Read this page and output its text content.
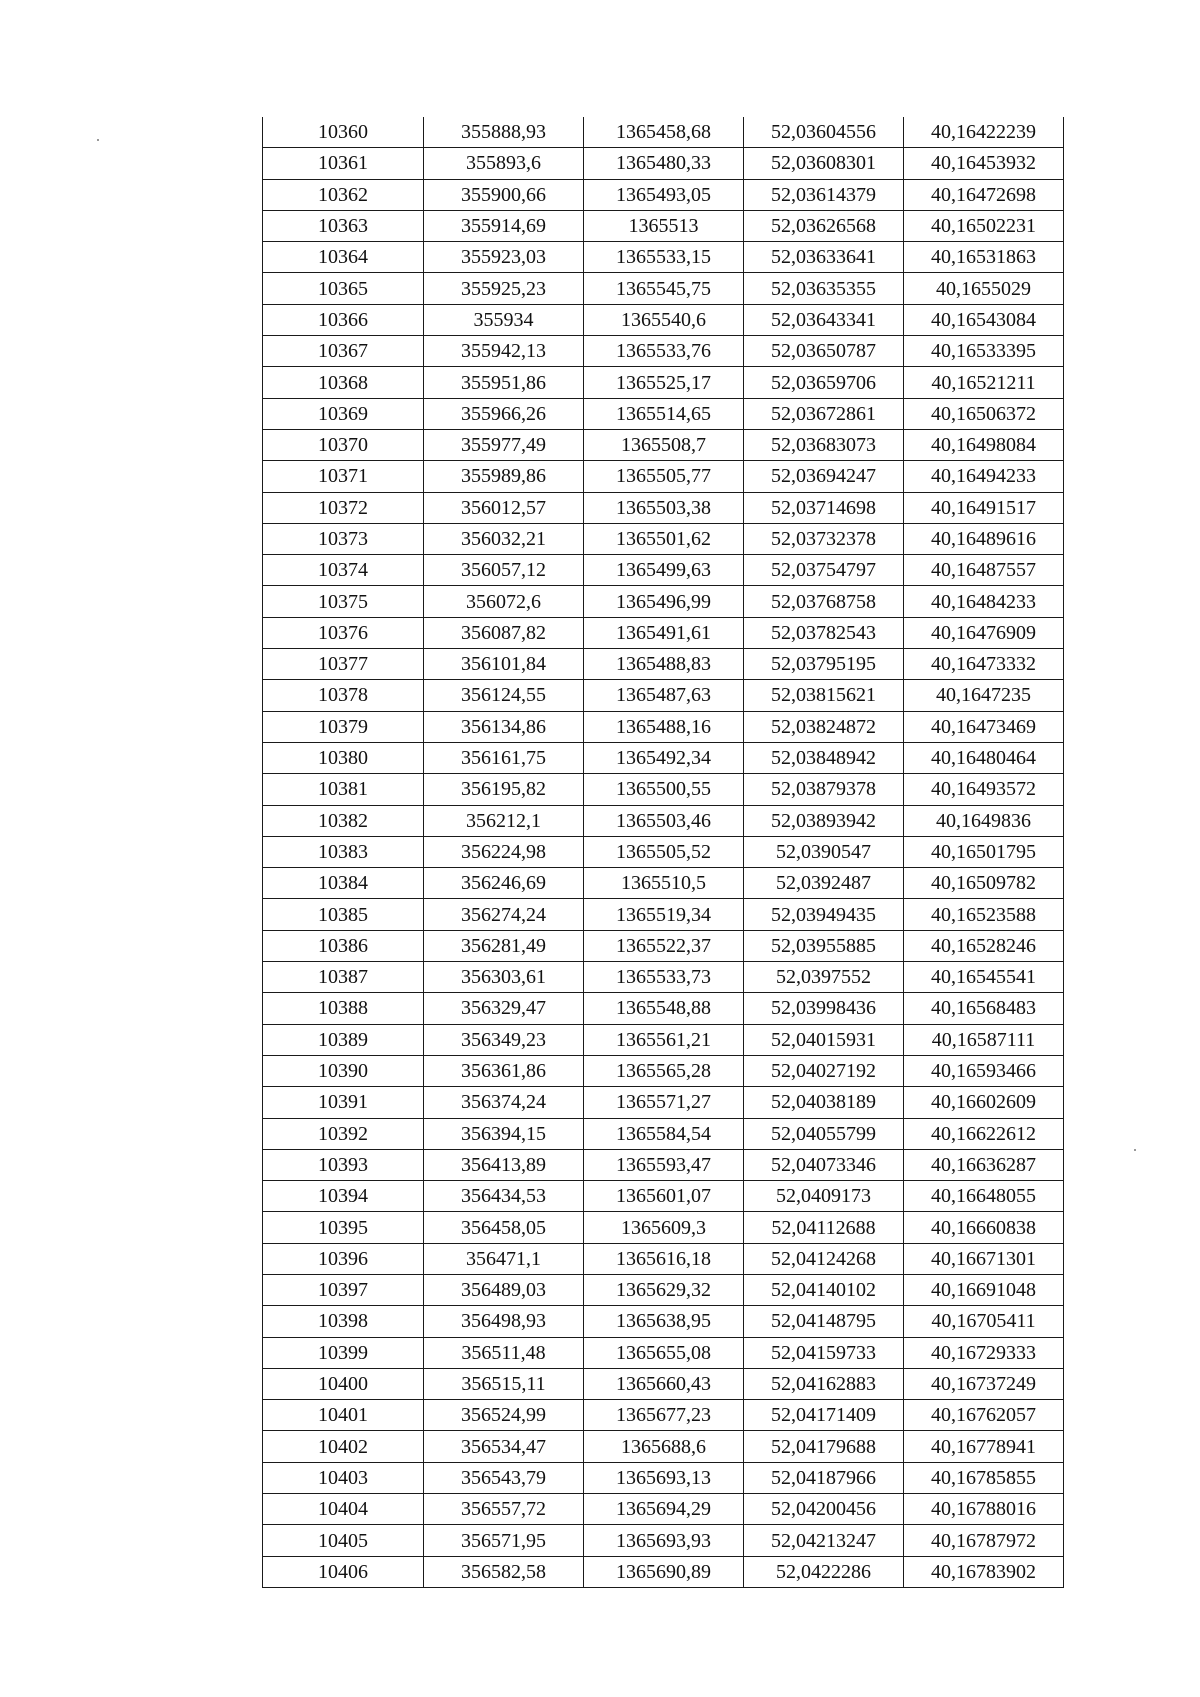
10360	355888,93	1365458,68	52,03604556	40,16422239
10361	355893,6	1365480,33	52,03608301	40,16453932
10362	355900,66	1365493,05	52,03614379	40,16472698
10363	355914,69	1365513	52,03626568	40,16502231
10364	355923,03	1365533,15	52,03633641	40,16531863
10365	355925,23	1365545,75	52,03635355	40,1655029
10366	355934	1365540,6	52,03643341	40,16543084
10367	355942,13	1365533,76	52,03650787	40,16533395
10368	355951,86	1365525,17	52,03659706	40,16521211
10369	355966,26	1365514,65	52,03672861	40,16506372
10370	355977,49	1365508,7	52,03683073	40,16498084
10371	355989,86	1365505,77	52,03694247	40,16494233
10372	356012,57	1365503,38	52,03714698	40,16491517
10373	356032,21	1365501,62	52,03732378	40,16489616
10374	356057,12	1365499,63	52,03754797	40,16487557
10375	356072,6	1365496,99	52,03768758	40,16484233
10376	356087,82	1365491,61	52,03782543	40,16476909
10377	356101,84	1365488,83	52,03795195	40,16473332
10378	356124,55	1365487,63	52,03815621	40,1647235
10379	356134,86	1365488,16	52,03824872	40,16473469
10380	356161,75	1365492,34	52,03848942	40,16480464
10381	356195,82	1365500,55	52,03879378	40,16493572
10382	356212,1	1365503,46	52,03893942	40,1649836
10383	356224,98	1365505,52	52,0390547	40,16501795
10384	356246,69	1365510,5	52,0392487	40,16509782
10385	356274,24	1365519,34	52,03949435	40,16523588
10386	356281,49	1365522,37	52,03955885	40,16528246
10387	356303,61	1365533,73	52,0397552	40,16545541
10388	356329,47	1365548,88	52,03998436	40,16568483
10389	356349,23	1365561,21	52,04015931	40,16587111
10390	356361,86	1365565,28	52,04027192	40,16593466
10391	356374,24	1365571,27	52,04038189	40,16602609
10392	356394,15	1365584,54	52,04055799	40,16622612
10393	356413,89	1365593,47	52,04073346	40,16636287
10394	356434,53	1365601,07	52,0409173	40,16648055
10395	356458,05	1365609,3	52,04112688	40,16660838
10396	356471,1	1365616,18	52,04124268	40,16671301
10397	356489,03	1365629,32	52,04140102	40,16691048
10398	356498,93	1365638,95	52,04148795	40,16705411
10399	356511,48	1365655,08	52,04159733	40,16729333
10400	356515,11	1365660,43	52,04162883	40,16737249
10401	356524,99	1365677,23	52,04171409	40,16762057
10402	356534,47	1365688,6	52,04179688	40,16778941
10403	356543,79	1365693,13	52,04187966	40,16785855
10404	356557,72	1365694,29	52,04200456	40,16788016
10405	356571,95	1365693,93	52,04213247	40,16787972
10406	356582,58	1365690,89	52,0422286	40,16783902
